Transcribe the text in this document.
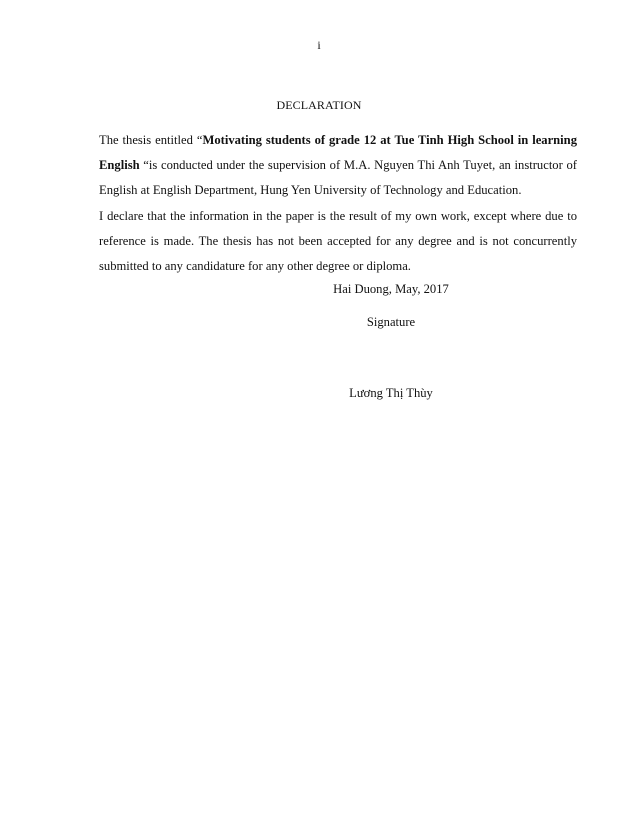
i
DECLARATION

The thesis entitled “Motivating students of grade 12 at Tue Tinh High School in learning English “is conducted under the supervision of M.A. Nguyen Thi Anh Tuyet, an instructor of English at English Department, Hung Yen University of Technology and Education.

I declare that the information in the paper is the result of my own work, except where due to reference is made. The thesis has not been accepted for any degree and is not concurrently submitted to any candidature for any other degree or diploma.

Hai Duong, May, 2017
Signature
Lương Thị Thùy
